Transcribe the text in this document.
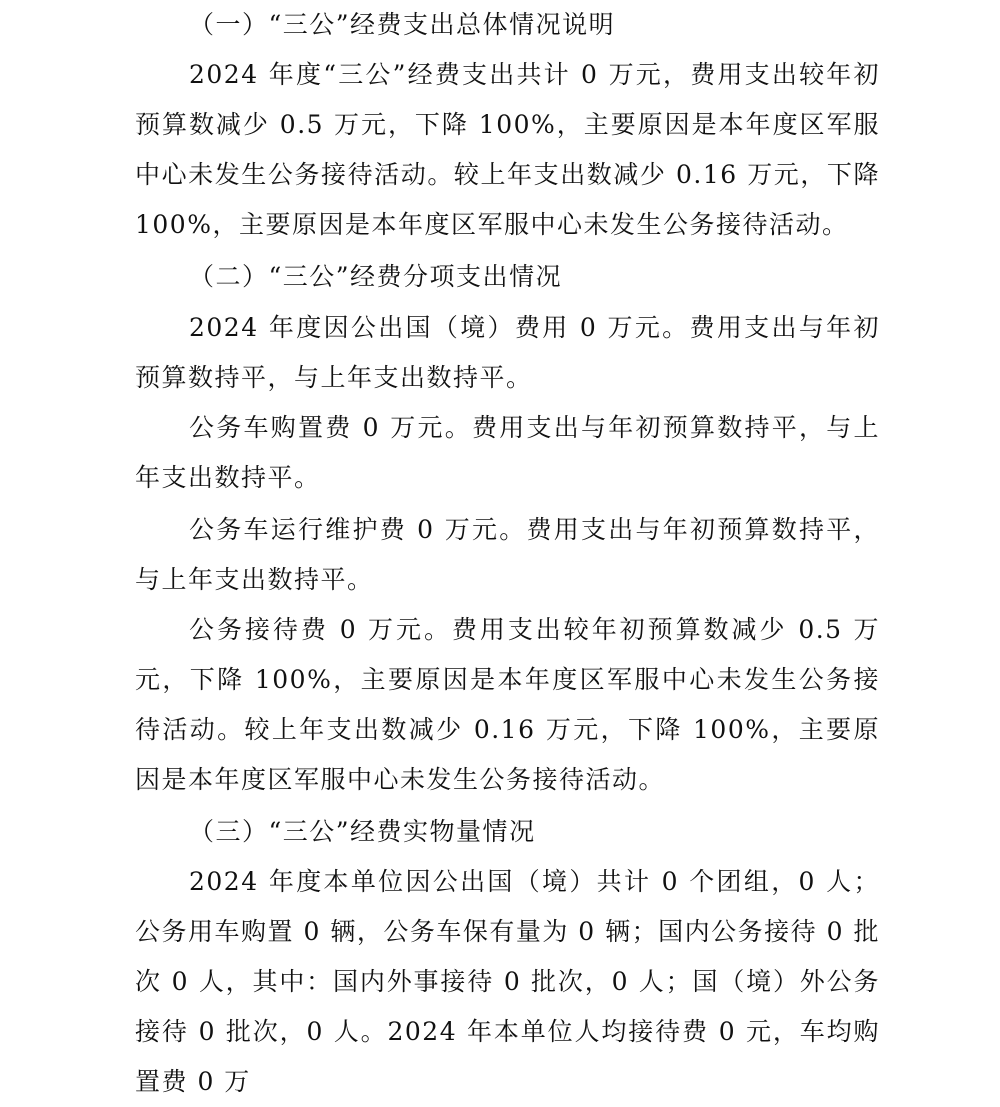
（一）“三公”经费支出总体情况说明

2024 年度“三公”经费支出共计 0 万元，费用支出较年初预算数减少 0.5 万元，下降 100%，主要原因是本年度区军服中心未发生公务接待活动。较上年支出数减少 0.16 万元，下降 100%，主要原因是本年度区军服中心未发生公务接待活动。

（二）“三公”经费分项支出情况

2024 年度因公出国（境）费用 0 万元。费用支出与年初预算数持平，与上年支出数持平。

公务车购置费 0 万元。费用支出与年初预算数持平，与上年支出数持平。

公务车运行维护费 0 万元。费用支出与年初预算数持平，与上年支出数持平。

公务接待费 0 万元。费用支出较年初预算数减少 0.5 万元，下降 100%，主要原因是本年度区军服中心未发生公务接待活动。较上年支出数减少 0.16 万元，下降 100%，主要原因是本年度区军服中心未发生公务接待活动。

（三）“三公”经费实物量情况

2024 年度本单位因公出国（境）共计 0 个团组，0 人；公务用车购置 0 辆，公务车保有量为 0 辆；国内公务接待 0 批次 0 人，其中：国内外事接待 0 批次，0 人；国（境）外公务接待 0 批次，0 人。2024 年本单位人均接待费 0 元，车均购置费 0 万
